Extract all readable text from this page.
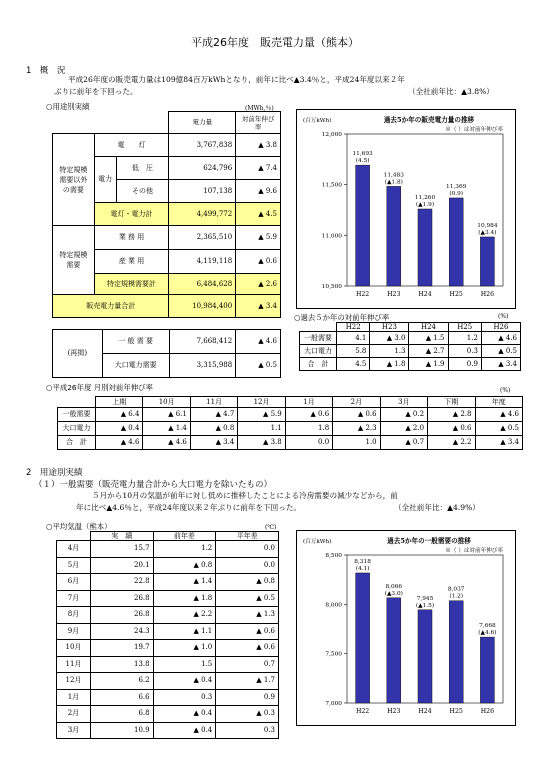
平成26年度　販売電力量（熊本）
1　概　況
平成26年度の販売電力量は109億84百万kWhとなり，前年に比べ▲3.4％と，平成24年度以来２年
ぶりに前年を下回った。	（全社前年比：▲3.8%）
○用途別実績	(MWh,％)
			電力量	対前年伸び率
特定規模需要以外の需要	電　　灯		3,767,838	▲ 3.8
	電力	低　圧	624,796	▲ 7.4
		その他	107,138	▲ 9.6
	電灯・電力計		4,499,772	▲ 4.5
特定規模需要	業 務 用		2,365,510	▲ 5.9
	産 業 用		4,119,118	▲ 0.6
	特定規模需要計		6,484,628	▲ 2.6
販売電力量合計			10,984,400	▲ 3.4
(再掲)	一 般 需 要	7,668,412	▲ 4.6
	大口電力需要	3,315,988	▲ 0.5
過去5か年の販売電力量の推移
※（ ）は対前年伸び率
(百万kWh)
10,500
11,000
11,500
12,000
11,693
(4.5)
H22
11,483
(▲1.8)
H23
11,260
(▲1.9)
H24
11,369
(0.9)
H25
10,984
(▲3.4)
H26
○過去５か年の対前年伸び率	(%)
	H22	H23	H24	H25	H26
一般需要	4.1	▲ 3.0	▲ 1.5	1.2	▲ 4.6
大口電力	5.8	1.3	▲ 2.7	0.3	▲ 0.5
合　計	4.5	▲ 1.8	▲ 1.9	0.9	▲ 3.4
○平成26年度 月別対前年伸び率	(%)
	上期	10月	11月	12月	1月	2月	3月	下期	年度
一般需要	▲ 6.4	▲ 6.1	▲ 4.7	▲ 5.9	▲ 0.6	▲ 0.6	▲ 0.2	▲ 2.8	▲ 4.6
大口電力	▲ 0.4	▲ 1.4	▲ 0.8	1.1	1.8	▲ 2.3	▲ 2.0	▲ 0.6	▲ 0.5
合　計	▲ 4.6	▲ 4.6	▲ 3.4	▲ 3.8	0.0	1.0	▲ 0.7	▲ 2.2	▲ 3.4
2　用途別実績
（１）一般需要（販売電力量合計から大口電力を除いたもの）
５月から10月の気温が前年に対し低めに推移したことによる冷房需要の減少などから，前
年に比べ▲4.6％と，平成24年度以来２年ぶりに前年を下回った。	（全社前年比：▲4.9%）
○平均気温（熊本）	(℃)
	実　績	前年差	平年差
4月	15.7	1.2	0.0
5月	20.1	▲ 0.8	0.0
6月	22.8	▲ 1.4	▲ 0.8
7月	26.8	▲ 1.8	▲ 0.5
8月	26.8	▲ 2.2	▲ 1.3
9月	24.3	▲ 1.1	▲ 0.6
10月	19.7	▲ 1.0	▲ 0.6
11月	13.8	1.5	0.7
12月	6.2	▲ 0.4	▲ 1.7
1月	6.6	0.3	0.9
2月	6.8	▲ 0.4	▲ 0.3
3月	10.9	▲ 0.4	0.3
過去5か年の一般需要の推移
※（ ）は対前年伸び率
(百万kWh)
7,000
7,500
8,000
8,500
8,318
(4.1)
H22
8,066
(▲3.0)
H23
7,945
(▲1.5)
H24
8,037
(1.2)
H25
7,668
(▲4.6)
H26
